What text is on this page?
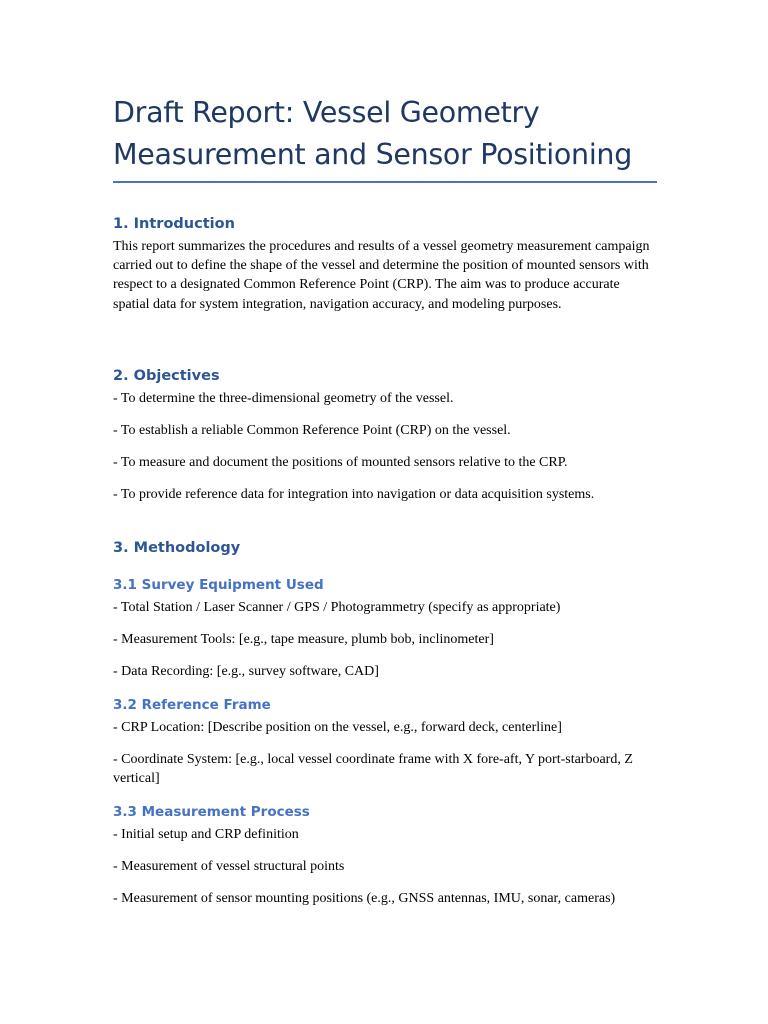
Draft Report: Vessel Geometry
Measurement and Sensor Positioning
1. Introduction

This report summarizes the procedures and results of a vessel geometry measurement campaign carried out to define the shape of the vessel and determine the position of mounted sensors with respect to a designated Common Reference Point (CRP). The aim was to produce accurate spatial data for system integration, navigation accuracy, and modeling purposes.

2. Objectives

- To determine the three-dimensional geometry of the vessel.

- To establish a reliable Common Reference Point (CRP) on the vessel.

- To measure and document the positions of mounted sensors relative to the CRP.

- To provide reference data for integration into navigation or data acquisition systems.

3. Methodology
3.1 Survey Equipment Used

- Total Station / Laser Scanner / GPS / Photogrammetry (specify as appropriate)

- Measurement Tools: [e.g., tape measure, plumb bob, inclinometer]

- Data Recording: [e.g., survey software, CAD]

3.2 Reference Frame

- CRP Location: [Describe position on the vessel, e.g., forward deck, centerline]

- Coordinate System: [e.g., local vessel coordinate frame with X fore-aft, Y port-starboard, Z vertical]

3.3 Measurement Process

- Initial setup and CRP definition

- Measurement of vessel structural points

- Measurement of sensor mounting positions (e.g., GNSS antennas, IMU, sonar, cameras)
